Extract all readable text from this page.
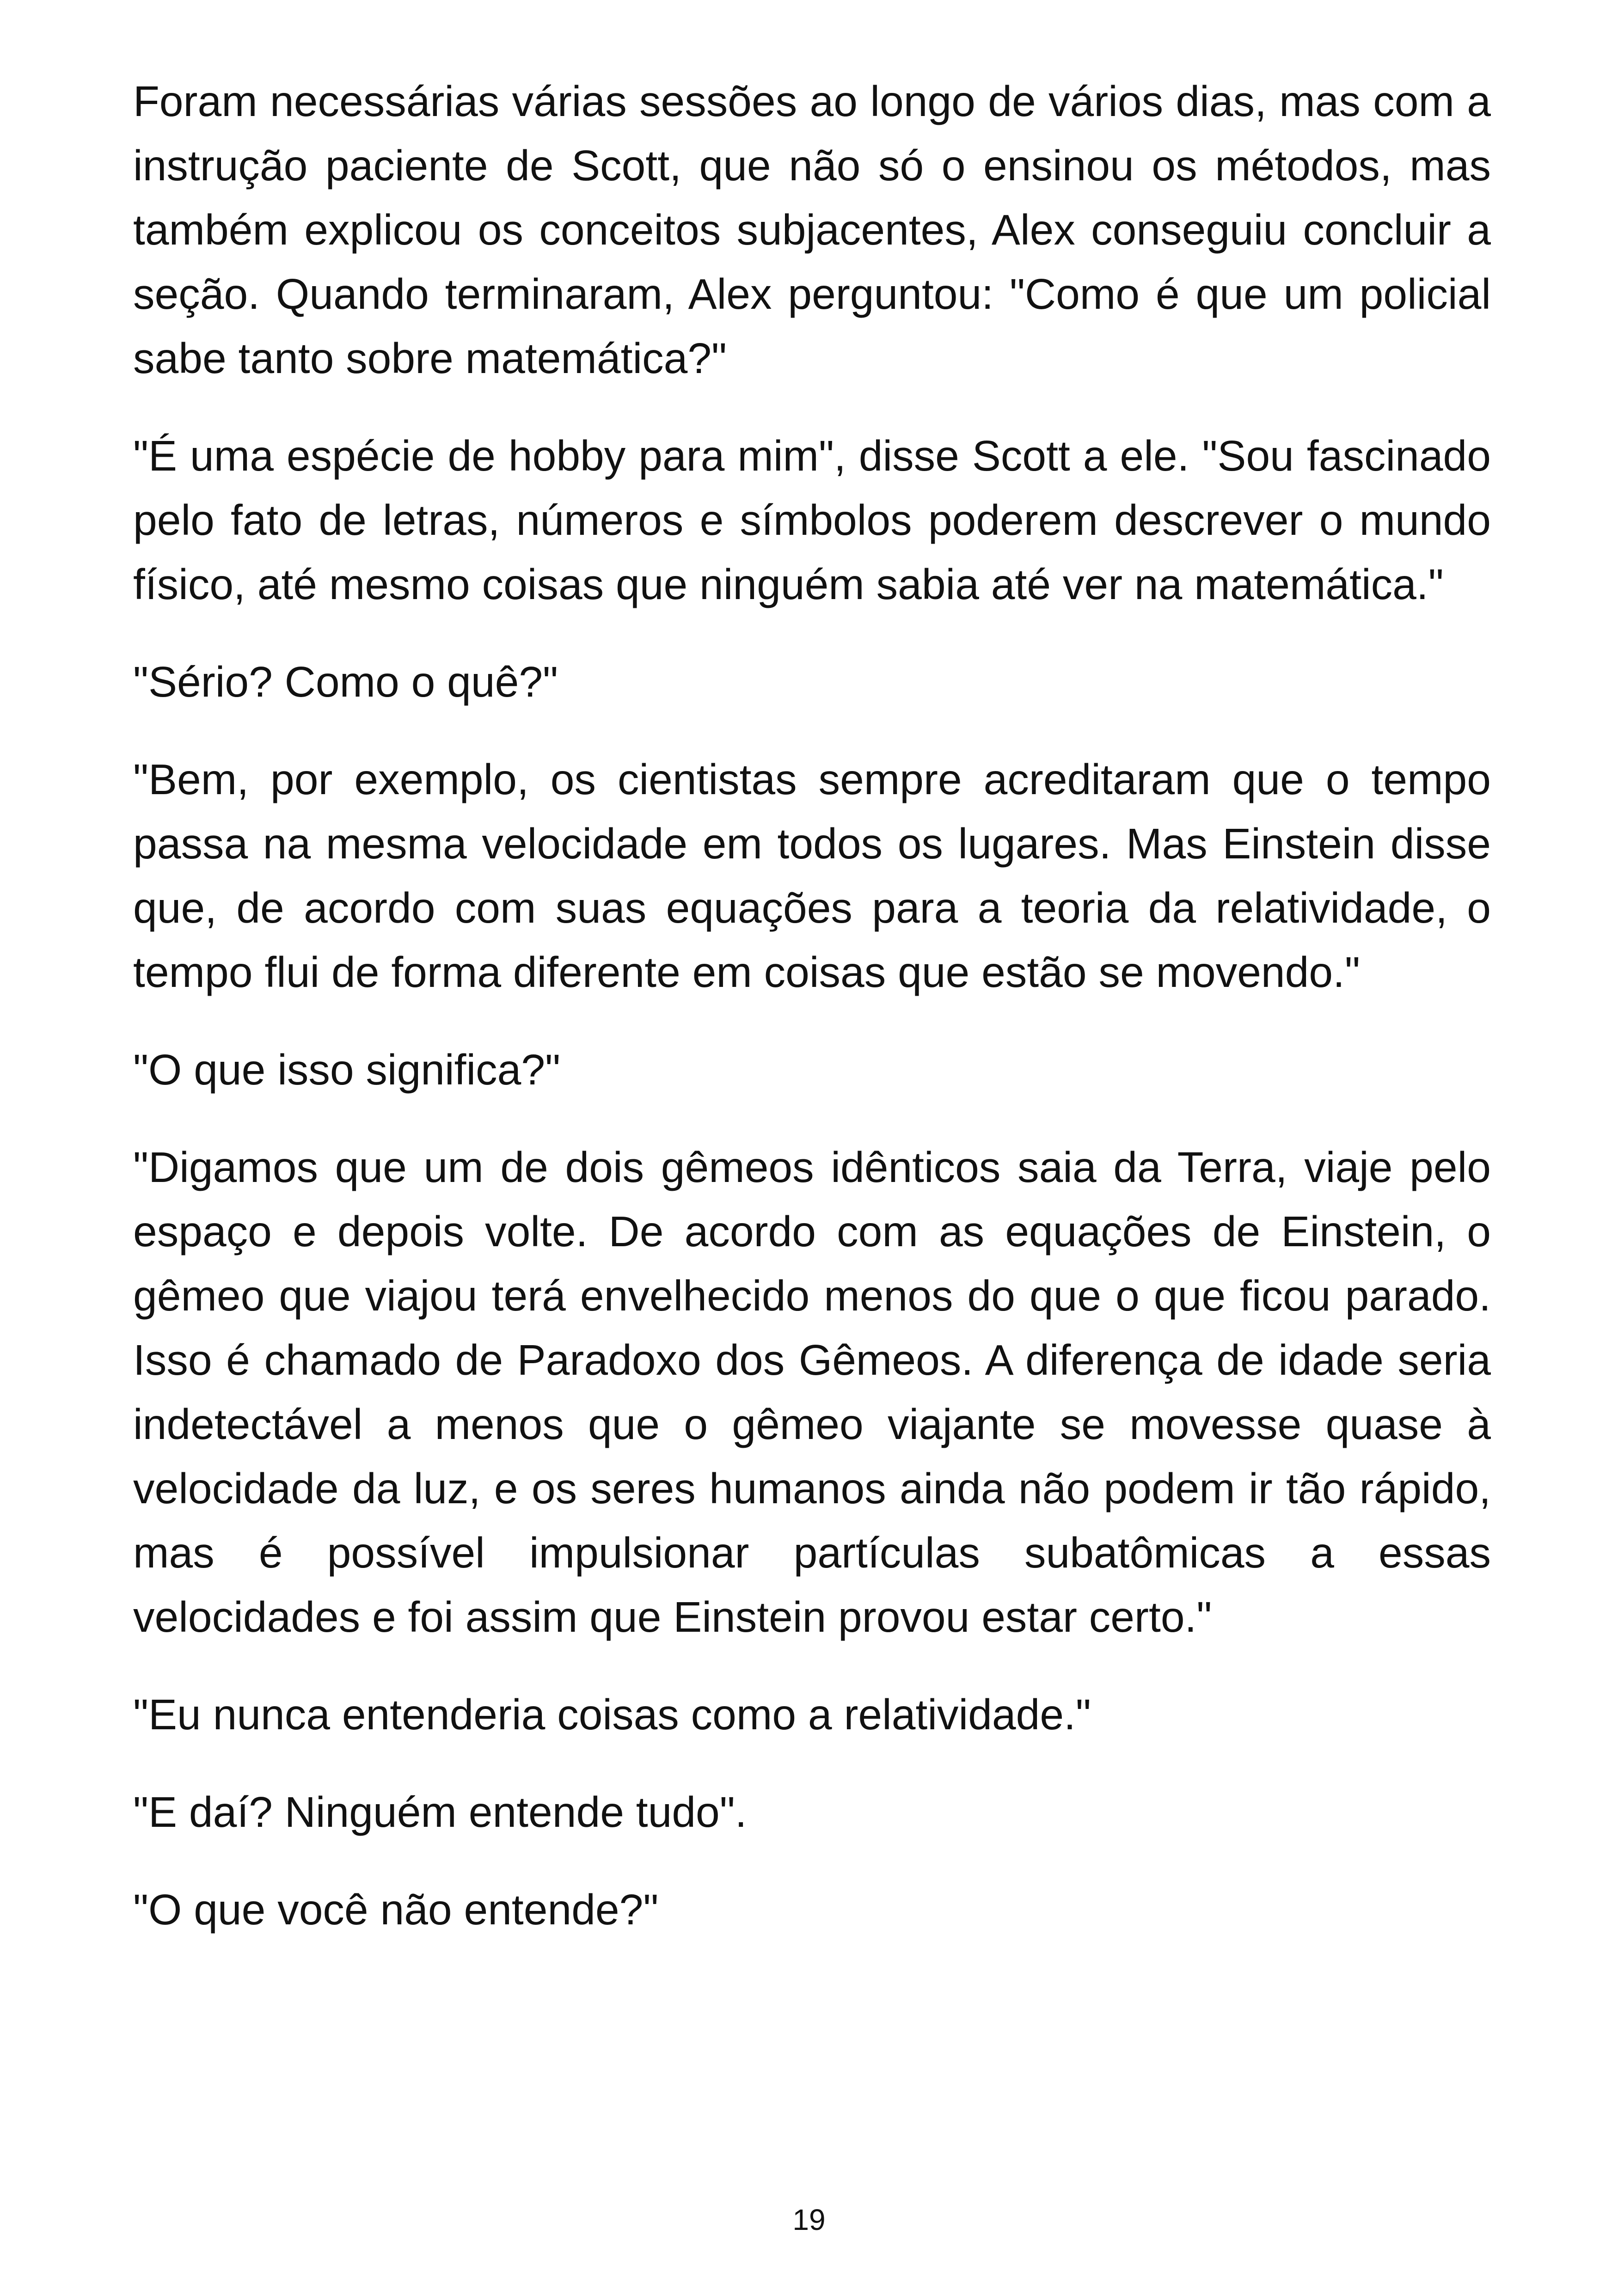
Foram necessárias várias sessões ao longo de vários dias, mas com a instrução paciente de Scott, que não só o ensinou os métodos, mas também explicou os conceitos subjacentes, Alex conseguiu concluir a seção. Quando terminaram, Alex perguntou: "Como é que um policial sabe tanto sobre matemática?"

"É uma espécie de hobby para mim", disse Scott a ele. "Sou fascinado pelo fato de letras, números e símbolos poderem descrever o mundo físico, até mesmo coisas que ninguém sabia até ver na matemática."

"Sério? Como o quê?"

"Bem, por exemplo, os cientistas sempre acreditaram que o tempo passa na mesma velocidade em todos os lugares. Mas Einstein disse que, de acordo com suas equações para a teoria da relatividade, o tempo flui de forma diferente em coisas que estão se movendo."

"O que isso significa?"

"Digamos que um de dois gêmeos idênticos saia da Terra, viaje pelo espaço e depois volte. De acordo com as equações de Einstein, o gêmeo que viajou terá envelhecido menos do que o que ficou parado. Isso é chamado de Paradoxo dos Gêmeos. A diferença de idade seria indetectável a menos que o gêmeo viajante se movesse quase à velocidade da luz, e os seres humanos ainda não podem ir tão rápido, mas é possível impulsionar partículas subatômicas a essas velocidades e foi assim que Einstein provou estar certo."

"Eu nunca entenderia coisas como a relatividade."

"E daí? Ninguém entende tudo".

"O que você não entende?"

19
